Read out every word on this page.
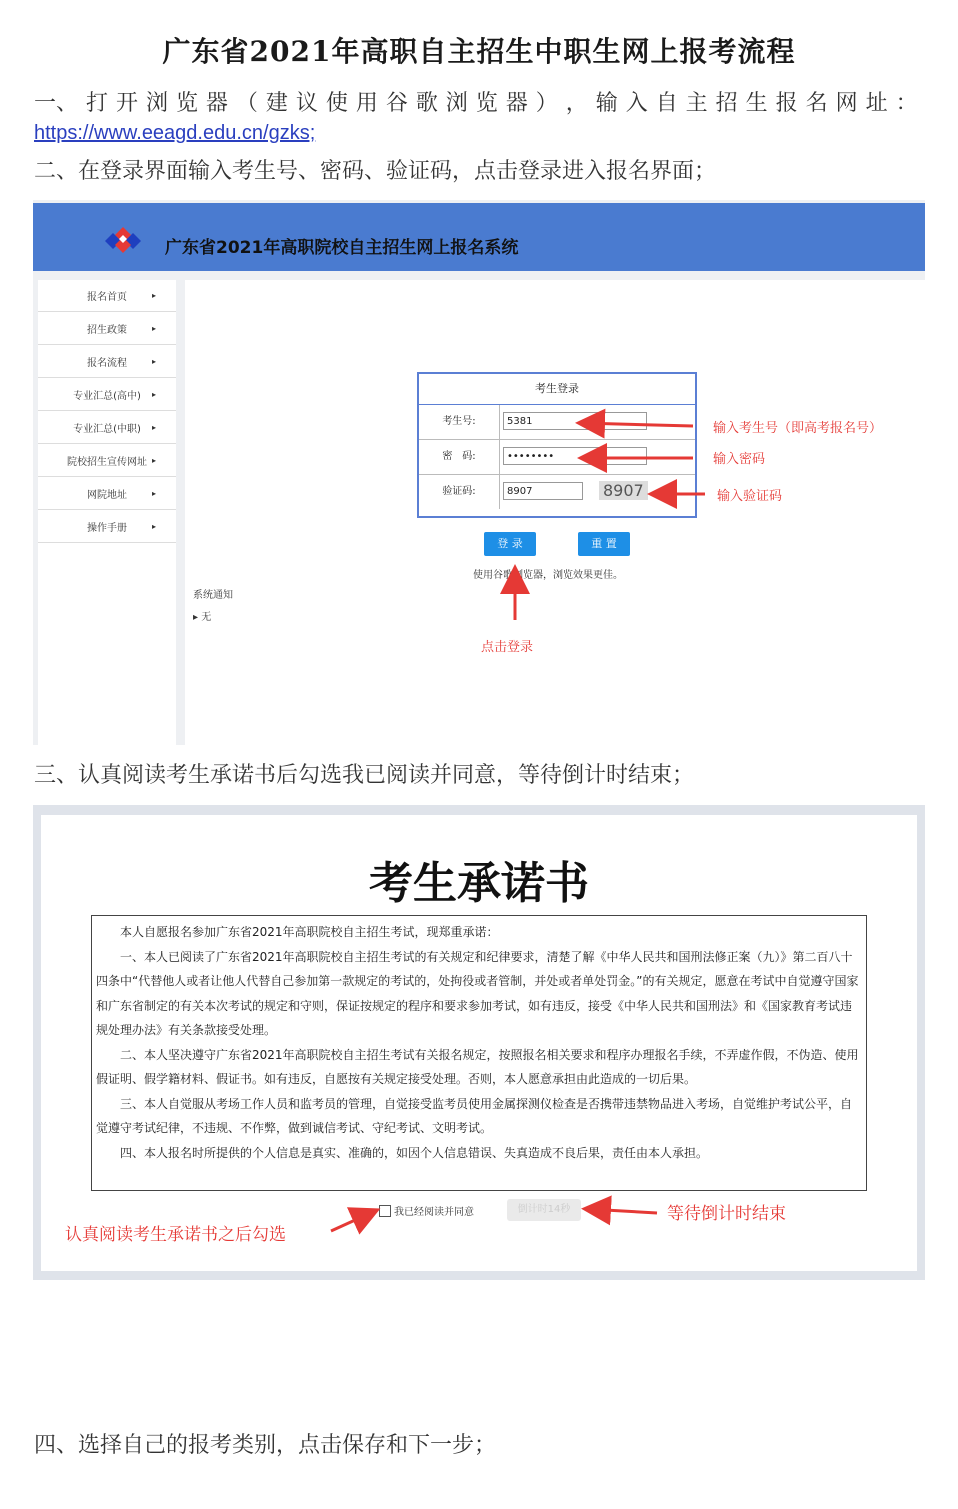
广东省2021年高职自主招生中职生网上报考流程
一、 打 开 浏 览 器 （ 建 议 使 用 谷 歌 浏 览 器 ） ， 输 入 自 主 招 生 报 名 网 址 ：
https://www.eeagd.edu.cn/gzks;
二、在登录界面输入考生号、密码、验证码，点击登录进入报名界面；
广东省2021年高职院校自主招生网上报名系统
报名首页	▸
招生政策	▸
报名流程	▸
专业汇总(高中) ▸
专业汇总(中职) ▸
院校招生宣传网址 ▸
网院地址	▸
操作手册	▸
考生登录
考生号:	5381
密　码:	••••••••
验证码:	8907	8907
登 录	重 置
使用谷歌浏览器，浏览效果更佳。
系统通知
▸ 无
输入考生号（即高考报名号）
输入密码
输入验证码
点击登录
三、认真阅读考生承诺书后勾选我已阅读并同意，等待倒计时结束；
考生承诺书

本人自愿报名参加广东省2021年高职院校自主招生考试，现郑重承诺：

一、本人已阅读了广东省2021年高职院校自主招生考试的有关规定和纪律要求，清楚了解《中华人民共和国刑法修正案（九）》第二百八十四条中“代替他人或者让他人代替自己参加第一款规定的考试的，处拘役或者管制，并处或者单处罚金。”的有关规定，愿意在考试中自觉遵守国家和广东省制定的有关本次考试的规定和守则，保证按规定的程序和要求参加考试，如有违反，接受《中华人民共和国刑法》和《国家教育考试违规处理办法》有关条款接受处理。

二、本人坚决遵守广东省2021年高职院校自主招生考试有关报名规定，按照报名相关要求和程序办理报名手续，不弄虚作假，不伪造、使用假证明、假学籍材料、假证书。如有违反，自愿按有关规定接受处理。否则，本人愿意承担由此造成的一切后果。

三、本人自觉服从考场工作人员和监考员的管理，自觉接受监考员使用金属探测仪检查是否携带违禁物品进入考场，自觉维护考试公平，自觉遵守考试纪律，不违规、不作弊，做到诚信考试、守纪考试、文明考试。

四、本人报名时所提供的个人信息是真实、准确的，如因个人信息错误、失真造成不良后果，责任由本人承担。

我已经阅读并同意	倒计时14秒
认真阅读考生承诺书之后勾选
等待倒计时结束
四、选择自己的报考类别，点击保存和下一步；
